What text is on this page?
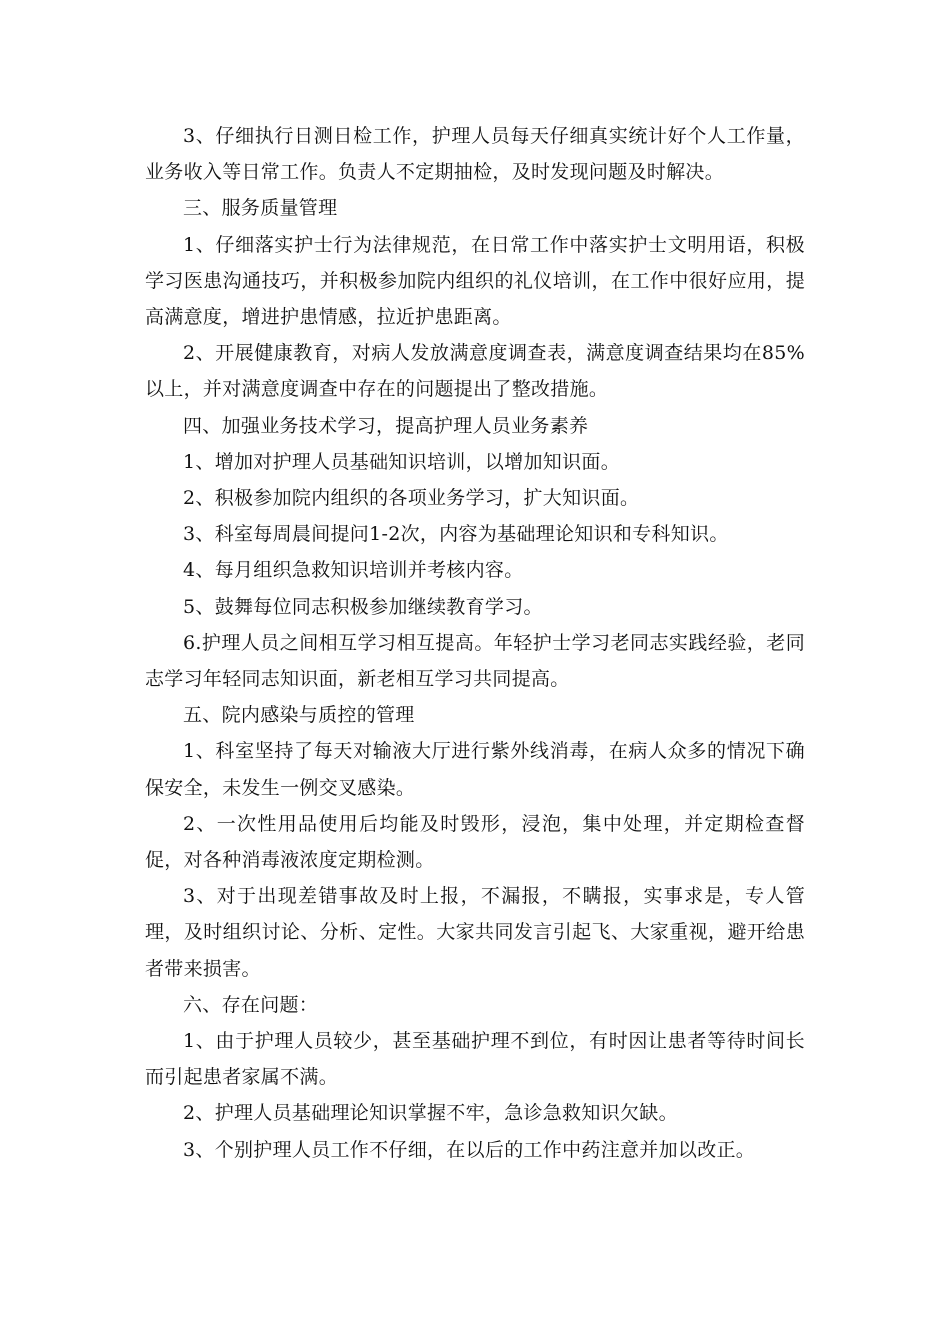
3、仔细执行日测日检工作，护理人员每天仔细真实统计好个人工作量，业务收入等日常工作。负责人不定期抽检，及时发现问题及时解决。

三、服务质量管理

1、仔细落实护士行为法律规范，在日常工作中落实护士文明用语，积极学习医患沟通技巧，并积极参加院内组织的礼仪培训，在工作中很好应用，提高满意度，增进护患情感，拉近护患距离。

2、开展健康教育，对病人发放满意度调查表，满意度调查结果均在85%以上，并对满意度调查中存在的问题提出了整改措施。

四、加强业务技术学习，提高护理人员业务素养

1、增加对护理人员基础知识培训，以增加知识面。

2、积极参加院内组织的各项业务学习，扩大知识面。

3、科室每周晨间提问1-2次，内容为基础理论知识和专科知识。

4、每月组织急救知识培训并考核内容。

5、鼓舞每位同志积极参加继续教育学习。

6.护理人员之间相互学习相互提高。年轻护士学习老同志实践经验，老同志学习年轻同志知识面，新老相互学习共同提高。

五、院内感染与质控的管理

1、科室坚持了每天对输液大厅进行紫外线消毒，在病人众多的情况下确保安全，未发生一例交叉感染。

2、一次性用品使用后均能及时毁形，浸泡，集中处理，并定期检查督促，对各种消毒液浓度定期检测。

3、对于出现差错事故及时上报，不漏报，不瞒报，实事求是，专人管理，及时组织讨论、分析、定性。大家共同发言引起飞、大家重视，避开给患者带来损害。

六、存在问题：

1、由于护理人员较少，甚至基础护理不到位，有时因让患者等待时间长而引起患者家属不满。

2、护理人员基础理论知识掌握不牢，急诊急救知识欠缺。

3、个别护理人员工作不仔细，在以后的工作中药注意并加以改正。
